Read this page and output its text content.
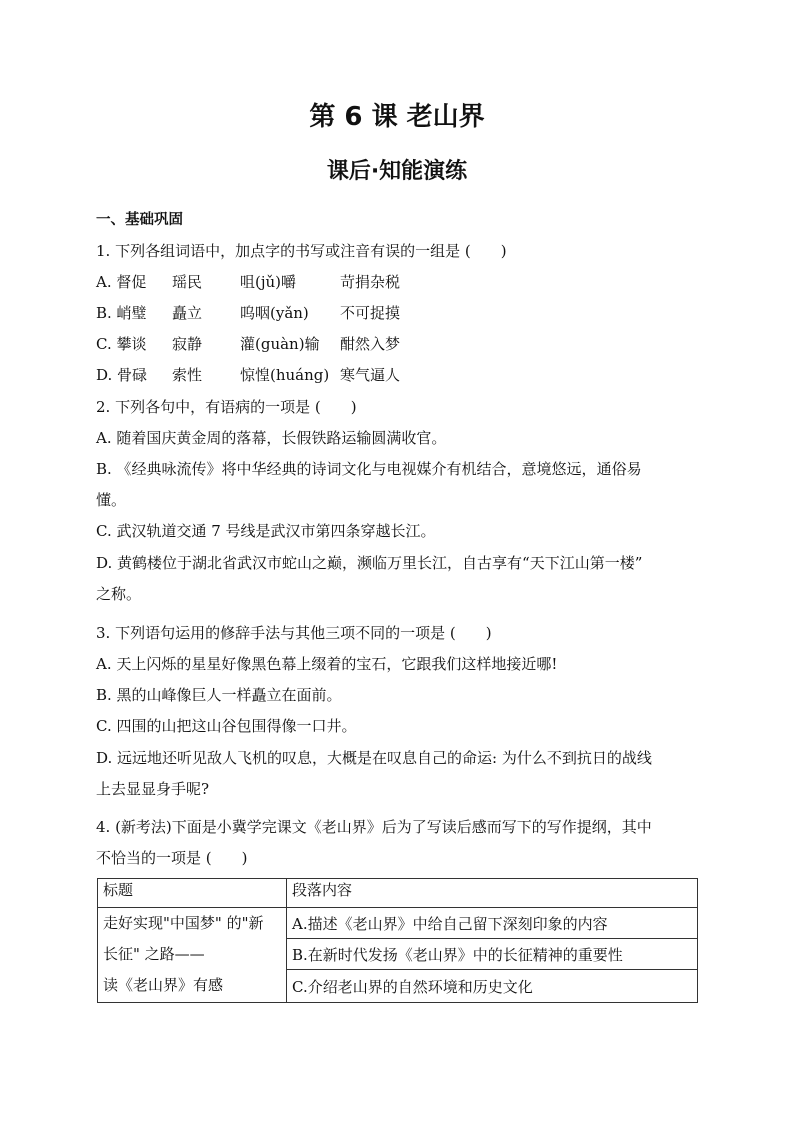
第 6 课 老山界
课后·知能演练
一、基础巩固
1. 下列各组词语中，加点字的书写或注音有误的一组是 (　　)
A. 督促 瑶民	咀(jǔ)嚼	苛捐杂税
B. 峭璧 矗立	呜咽(yǎn) 不可捉摸
C. 攀谈 寂静	灌(guàn)输 酣然入梦
D. 骨碌 索性	惊惶(huáng) 寒气逼人
2. 下列各句中，有语病的一项是 (　　)
A. 随着国庆黄金周的落幕，长假铁路运输圆满收官。
B. 《经典咏流传》将中华经典的诗词文化与电视媒介有机结合，意境悠远，通俗易
懂。
C. 武汉轨道交通 7 号线是武汉市第四条穿越长江。
D. 黄鹤楼位于湖北省武汉市蛇山之巅，濒临万里长江，自古享有“天下江山第一楼”
之称。
3. 下列语句运用的修辞手法与其他三项不同的一项是 (　　)
A. 天上闪烁的星星好像黑色幕上缀着的宝石，它跟我们这样地接近哪!
B. 黑的山峰像巨人一样矗立在面前。
C. 四围的山把这山谷包围得像一口井。
D. 远远地还听见敌人飞机的叹息，大概是在叹息自己的命运: 为什么不到抗日的战线
上去显显身手呢?
4. (新考法)下面是小冀学完课文《老山界》后为了写读后感而写下的写作提纲，其中
不恰当的一项是 (　　)
标题	段落内容

走好实现"中国梦" 的"新
长征" 之路——
读《老山界》有感	A.描述《老山界》中给自己留下深刻印象的内容
	B.在新时代发扬《老山界》中的长征精神的重要性
	C.介绍老山界的自然环境和历史文化
